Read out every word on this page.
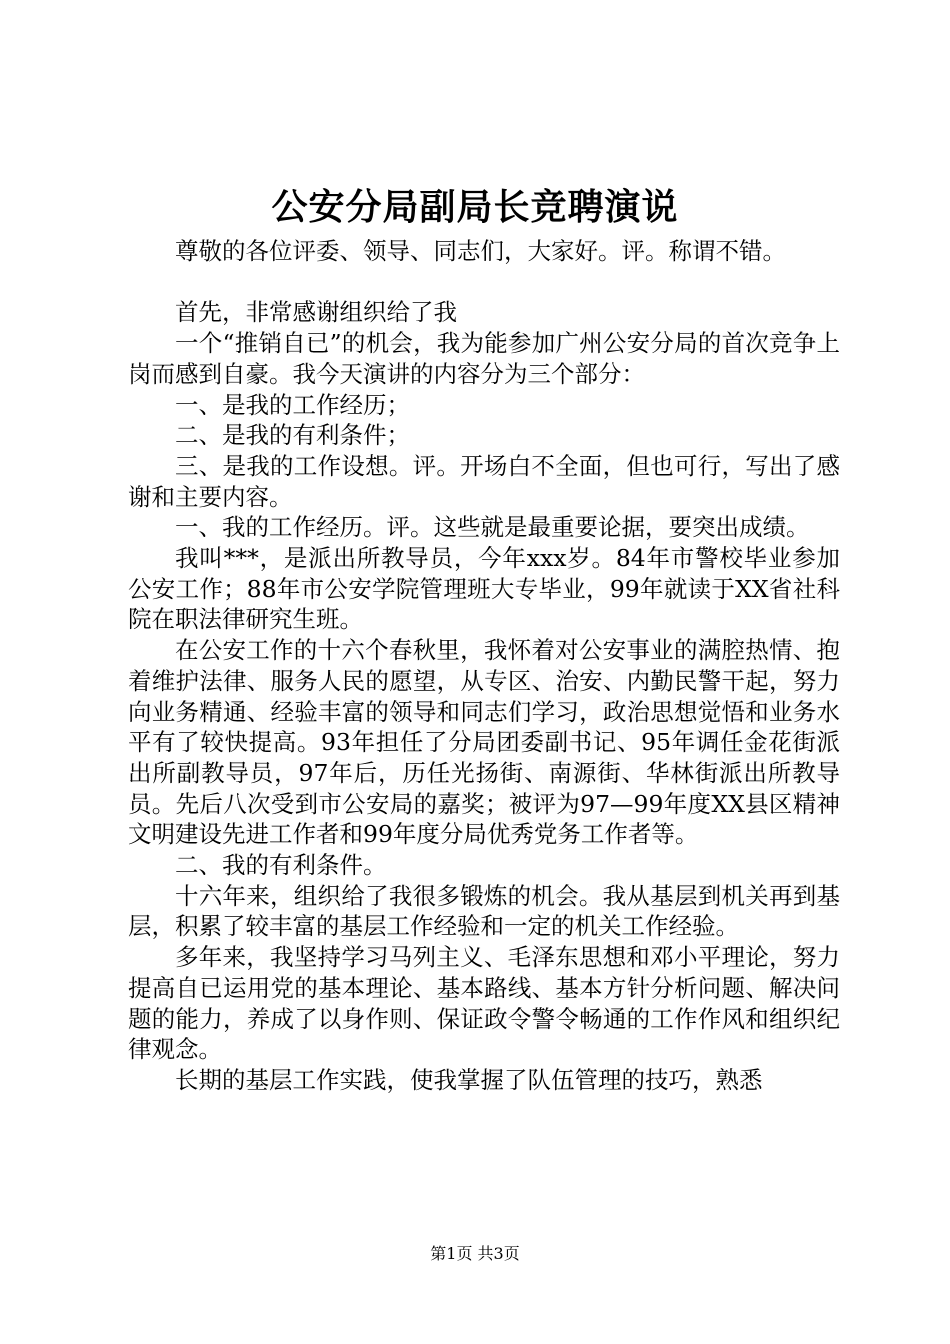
公安分局副局长竞聘演说

尊敬的各位评委、领导、同志们，大家好。评。称谓不错。

首先，非常感谢组织给了我

一个“推销自已”的机会，我为能参加广州公安分局的首次竞争上岗而感到自豪。我今天演讲的内容分为三个部分：

一、是我的工作经历；

二、是我的有利条件；

三、是我的工作设想。评。开场白不全面，但也可行，写出了感谢和主要内容。

一、我的工作经历。评。这些就是最重要论据，要突出成绩。

我叫***，是派出所教导员，今年xxx岁。84年市警校毕业参加公安工作；88年市公安学院管理班大专毕业，99年就读于XX省社科院在职法律研究生班。

在公安工作的十六个春秋里，我怀着对公安事业的满腔热情、抱着维护法律、服务人民的愿望，从专区、治安、内勤民警干起，努力向业务精通、经验丰富的领导和同志们学习，政治思想觉悟和业务水平有了较快提高。93年担任了分局团委副书记、95年调任金花街派出所副教导员，97年后，历任光扬街、南源街、华林街派出所教导员。先后八次受到市公安局的嘉奖；被评为97—99年度XX县区精神文明建设先进工作者和99年度分局优秀党务工作者等。

二、我的有利条件。

十六年来，组织给了我很多锻炼的机会。我从基层到机关再到基层，积累了较丰富的基层工作经验和一定的机关工作经验。

多年来，我坚持学习马列主义、毛泽东思想和邓小平理论，努力提高自已运用党的基本理论、基本路线、基本方针分析问题、解决问题的能力，养成了以身作则、保证政令警令畅通的工作作风和组织纪律观念。

长期的基层工作实践，使我掌握了队伍管理的技巧，熟悉

第1页 共3页
